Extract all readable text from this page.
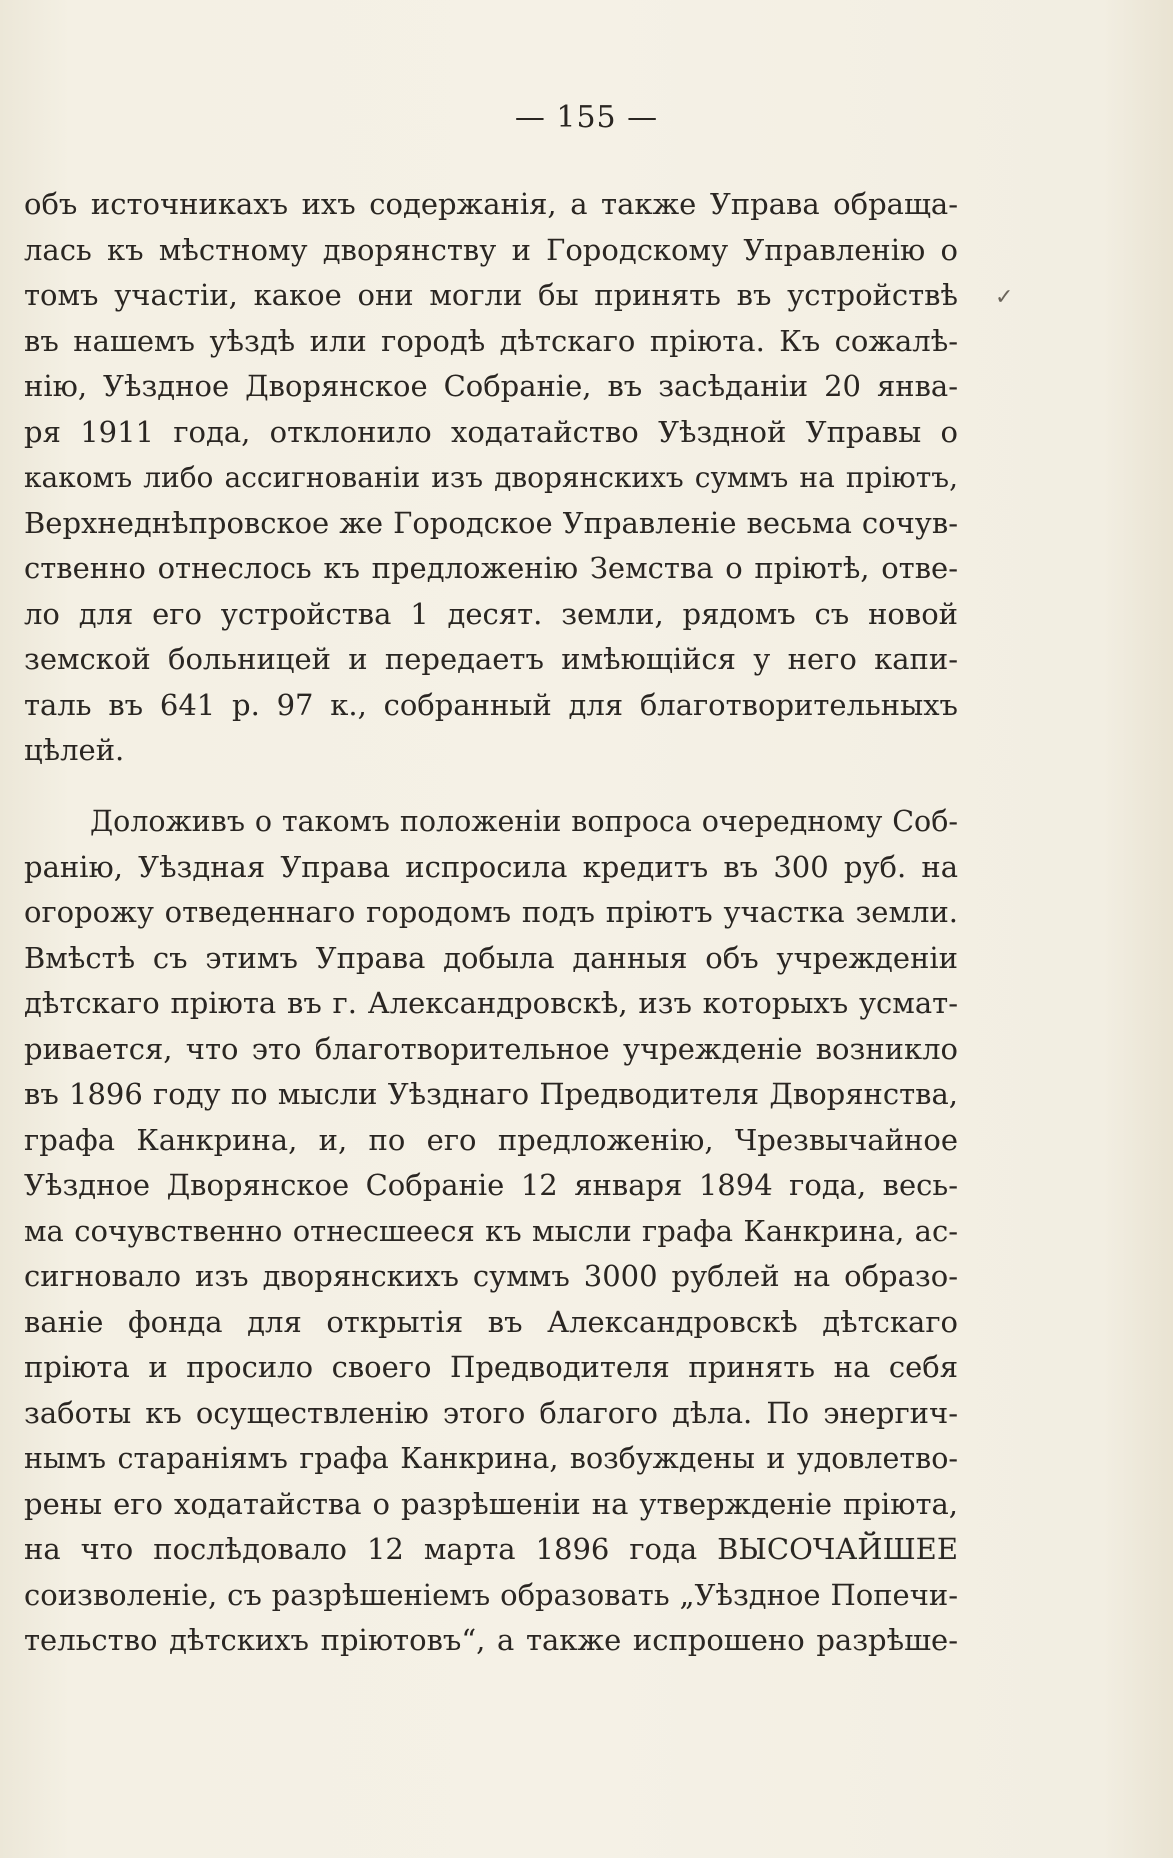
— 155 —
✓
объ источникахъ ихъ содержанія, а также Управа обраща-
лась къ мѣстному дворянству и Городскому Управленію о
томъ участіи, какое они могли бы принять въ устройствѣ
въ нашемъ уѣздѣ или городѣ дѣтскаго пріюта. Къ сожалѣ-
нію, Уѣздное Дворянское Собраніе, въ засѣданіи 20 янва-
ря 1911 года, отклонило ходатайство Уѣздной Управы о
какомъ либо ассигнованіи изъ дворянскихъ суммъ на пріютъ,
Верхнеднѣпровское же Городское Управленіе весьма сочув-
ственно отнеслось къ предложенію Земства о пріютѣ, отве-
ло для его устройства 1 десят. земли, рядомъ съ новой
земской больницей и передаетъ имѣющійся у него капи-
таль въ 641 р. 97 к., собранный для благотворительныхъ
цѣлей.
Доложивъ о такомъ положеніи вопроса очередному Соб-
ранію, Уѣздная Управа испросила кредитъ въ 300 руб. на
огорожу отведеннаго городомъ подъ пріютъ участка земли.
Вмѣстѣ съ этимъ Управа добыла данныя объ учрежденіи
дѣтскаго пріюта въ г. Александровскѣ, изъ которыхъ усмат-
ривается, что это благотворительное учрежденіе возникло
въ 1896 году по мысли Уѣзднаго Предводителя Дворянства,
графа Канкрина, и, по его предложенію, Чрезвычайное
Уѣздное Дворянское Собраніе 12 января 1894 года, весь-
ма сочувственно отнесшееся къ мысли графа Канкрина, ас-
сигновало изъ дворянскихъ суммъ 3000 рублей на образо-
ваніе фонда для открытія въ Александровскѣ дѣтскаго
пріюта и просило своего Предводителя принять на себя
заботы къ осуществленію этого благого дѣла. По энергич-
нымъ стараніямъ графа Канкрина, возбуждены и удовлетво-
рены его ходатайства о разрѣшеніи на утвержденіе пріюта,
на что послѣдовало 12 марта 1896 года ВЫСОЧАЙШЕЕ
соизволеніе, съ разрѣшеніемъ образовать „Уѣздное Попечи-
тельство дѣтскихъ пріютовъ“, а также испрошено разрѣше-
